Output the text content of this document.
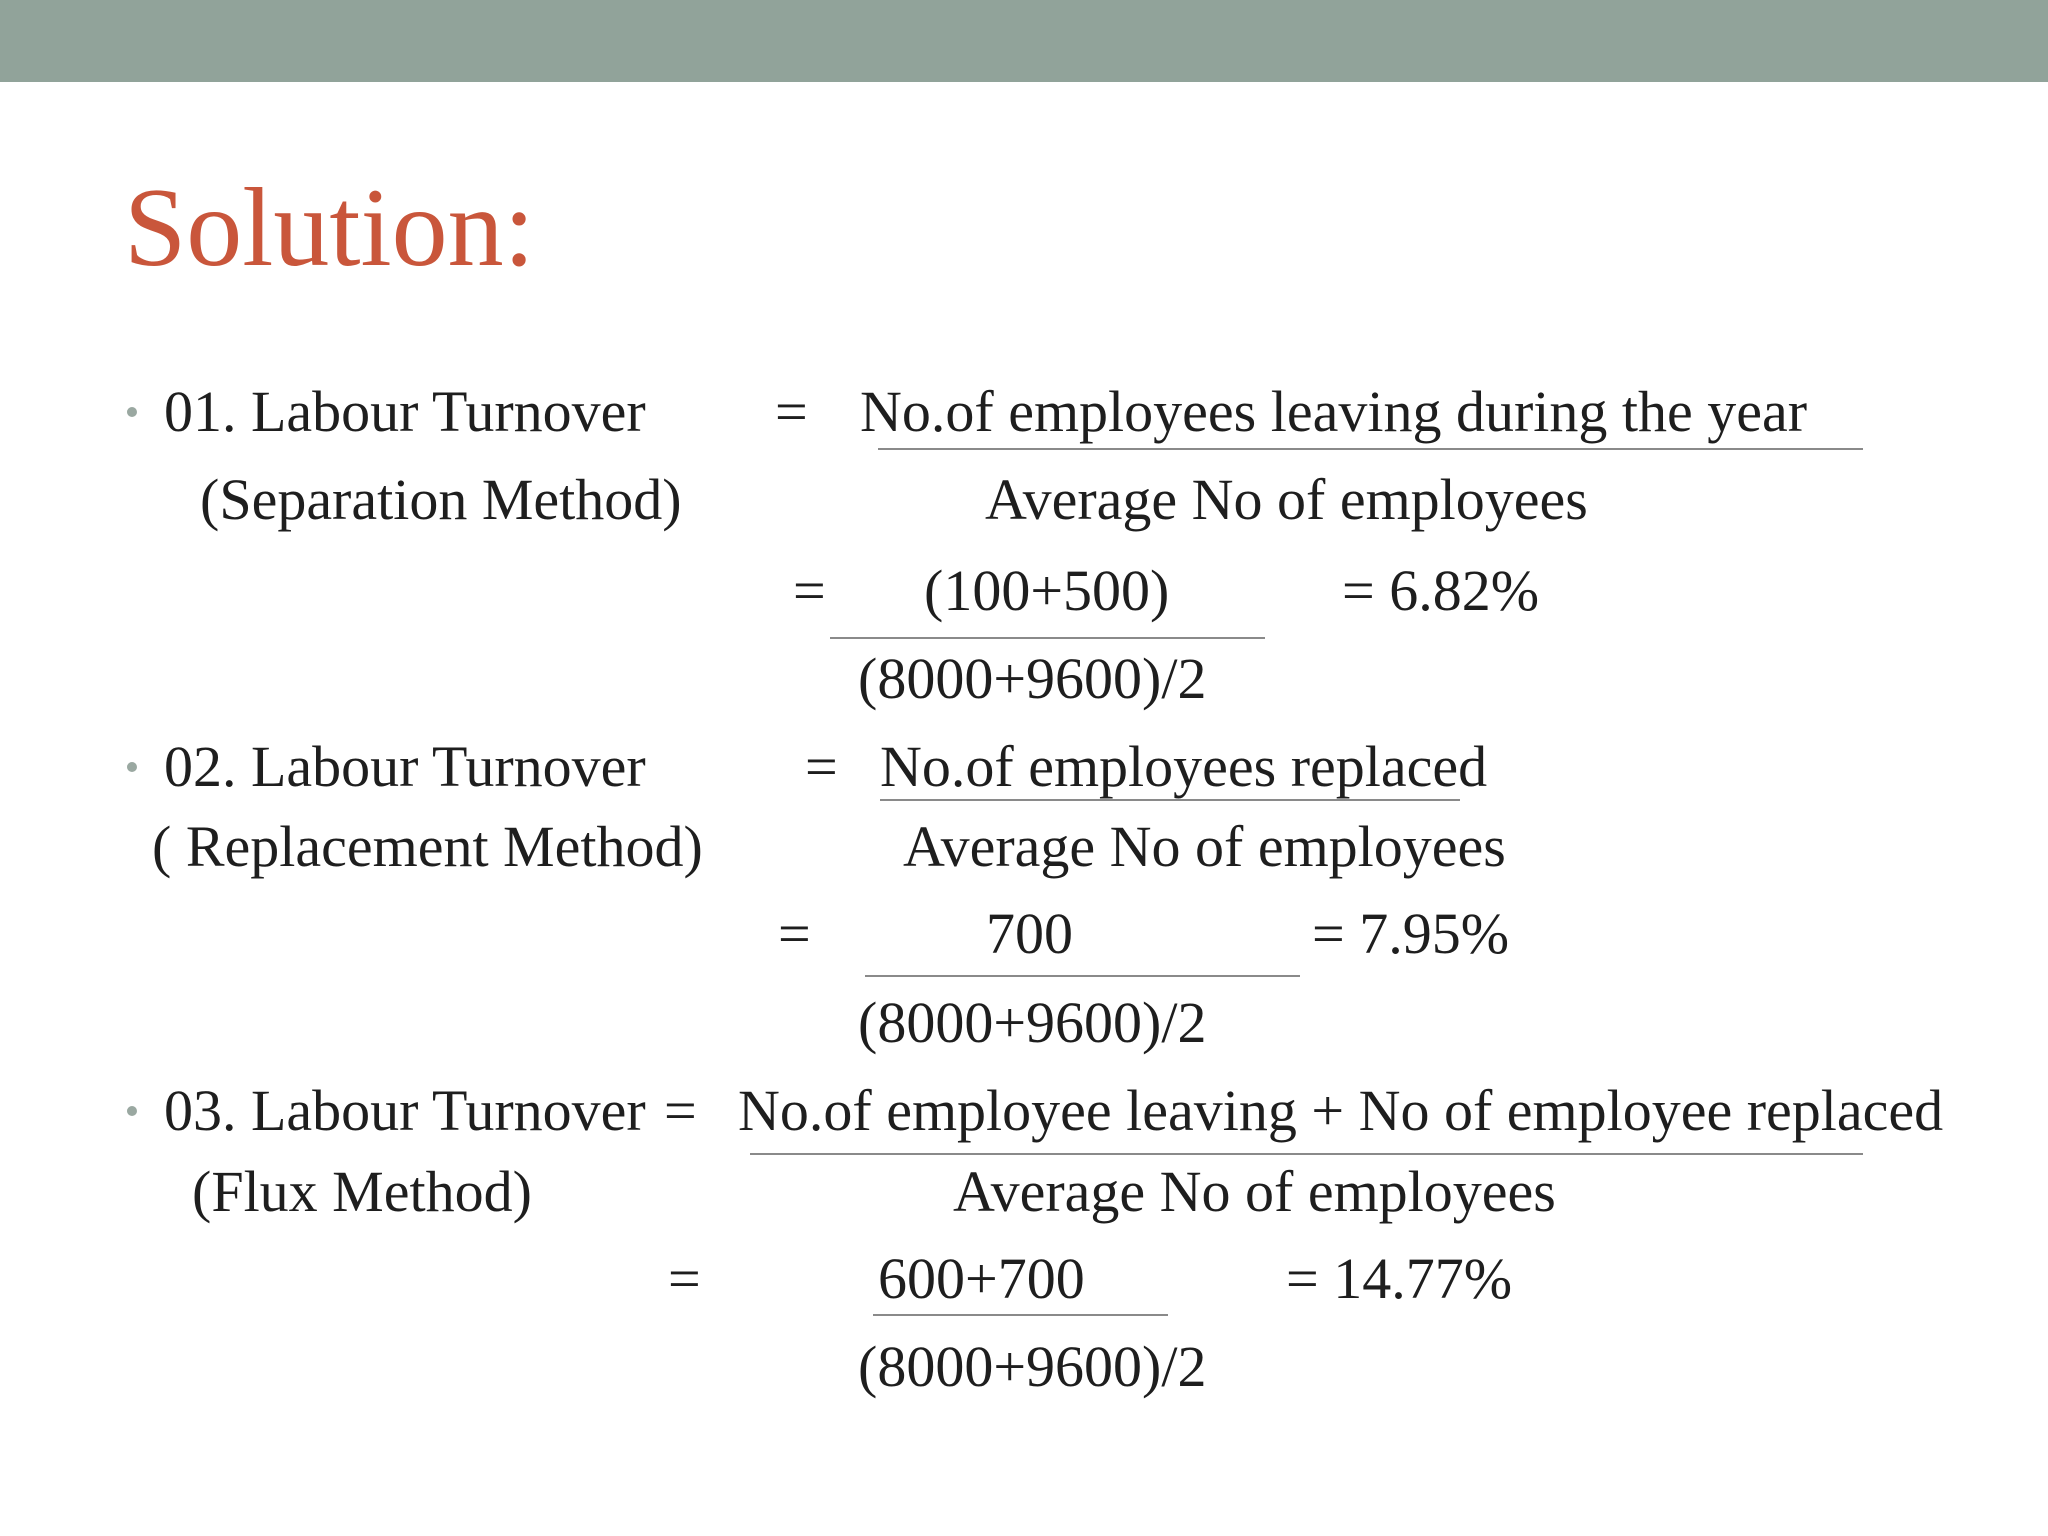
Solution:
01. Labour Turnover
(Separation Method)
= No.of employees leaving during the year
Average No of employees
= (100+500)
(8000+9600)/2
= 6.82%
02. Labour Turnover
( Replacement Method)
= No.of employees replaced
Average No of employees
=	700
(8000+9600)/2
= 7.95%
03. Labour Turnover
(Flux Method)
= No.of employee leaving + No of employee replaced
Average No of employees
=	600+700
(8000+9600)/2
= 14.77%
